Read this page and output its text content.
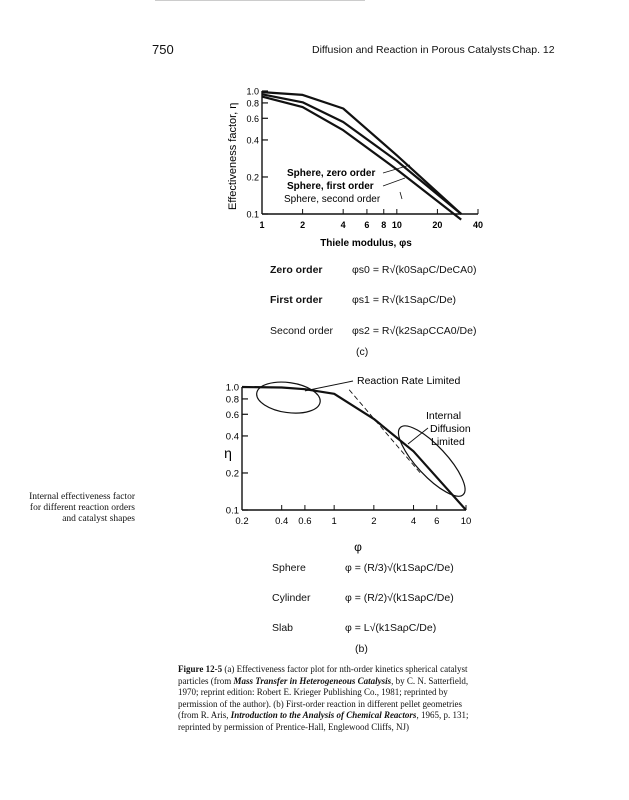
750	Diffusion and Reaction in Porous Catalysts Chap. 12
1.0
0.8
0.6
0.4
0.2
0.1
1	2	4 6 8 10	20	40
Sphere, zero order
Sphere, first order
Sphere, second order
Effectiveness factor, η
Thiele modulus, φs
1.0
0.8
0.6
0.4
0.2
0.1
0.2	0.4 0.6 1	2	4 6 10
Reaction Rate Limited
Internal
Diffusion
Limited
η
φ
Zero order	φs0 = R√(k0SaρC/DeCA0)
First order	φs1 = R√(k1SaρC/De)
Second order φs2 = R√(k2SaρCCA0/De)
(c)
Sphere	φ = (R/3)√(k1SaρC/De)
Cylinder	φ = (R/2)√(k1SaρC/De)
Slab	φ = L√(k1SaρC/De)
(b)
Internal effectiveness factor for different reaction orders and catalyst shapes
Figure 12-5 (a) Effectiveness factor plot for nth-order kinetics spherical catalyst particles (from Mass Transfer in Heterogeneous Catalysis, by C. N. Satterfield, 1970; reprint edition: Robert E. Krieger Publishing Co., 1981; reprinted by permission of the author). (b) First-order reaction in different pellet geometries (from R. Aris, Introduction to the Analysis of Chemical Reactors, 1965, p. 131; reprinted by permission of Prentice-Hall, Englewood Cliffs, NJ)
